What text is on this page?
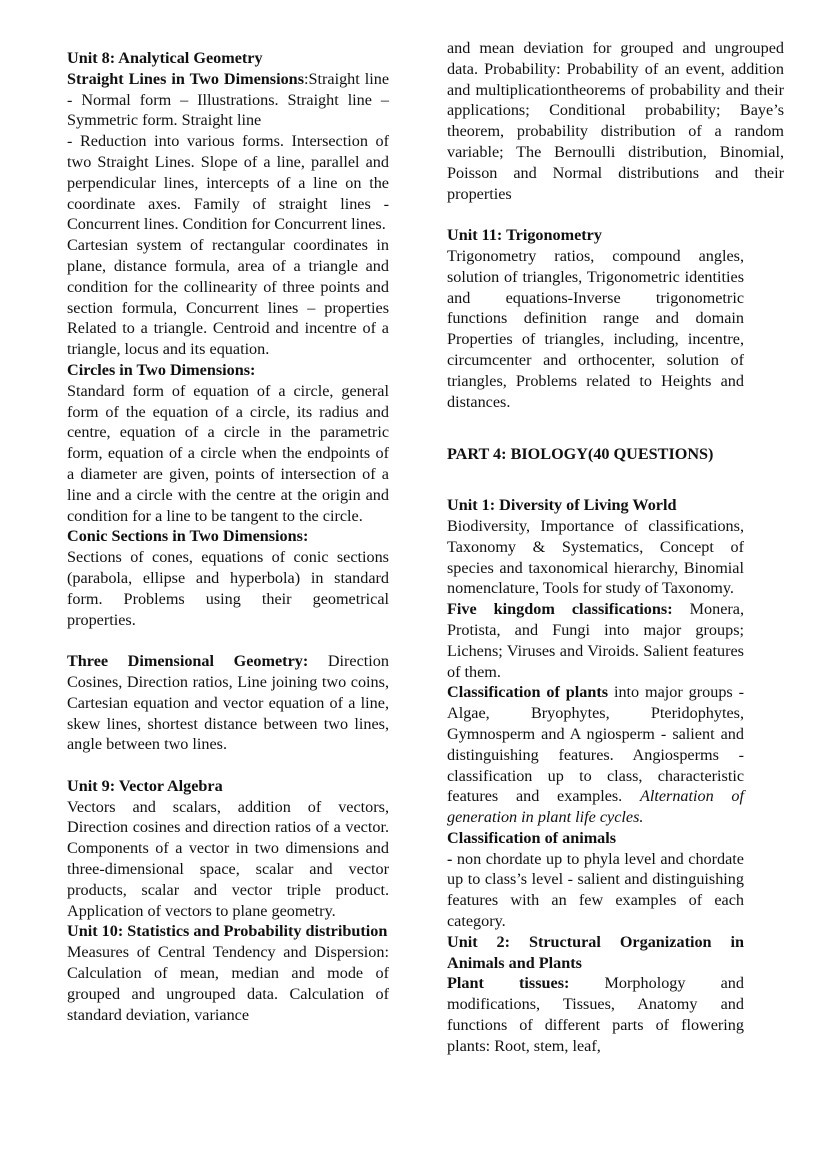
Unit 8: Analytical Geometry

Straight Lines in Two Dimensions:Straight line - Normal form – Illustrations. Straight line – Symmetric form. Straight line

- Reduction into various forms. Intersection of two Straight Lines. Slope of a line, parallel and perpendicular lines, intercepts of a line on the coordinate axes. Family of straight lines - Concurrent lines. Condition for Concurrent lines.

Cartesian system of rectangular coordinates in plane, distance formula, area of a triangle and condition for the collinearity of three points and section formula, Concurrent lines – properties Related to a triangle. Centroid and incentre of a triangle, locus and its equation.

Circles in Two Dimensions:

Standard form of equation of a circle, general form of the equation of a circle, its radius and centre, equation of a circle in the parametric form, equation of a circle when the endpoints of a diameter are given, points of intersection of a line and a circle with the centre at the origin and condition for a line to be tangent to the circle.

Conic Sections in Two Dimensions:

Sections of cones, equations of conic sections (parabola, ellipse and hyperbola) in standard form. Problems using their geometrical properties.

Three Dimensional Geometry: Direction Cosines, Direction ratios, Line joining two coins, Cartesian equation and vector equation of a line, skew lines, shortest distance between two lines, angle between two lines.

Unit 9: Vector Algebra

Vectors and scalars, addition of vectors, Direction cosines and direction ratios of a vector. Components of a vector in two dimensions and three-dimensional space, scalar and vector products, scalar and vector triple product. Application of vectors to plane geometry.

Unit 10: Statistics and Probability distribution

Measures of Central Tendency and Dispersion: Calculation of mean, median and mode of grouped and ungrouped data. Calculation of standard deviation, variance

and mean deviation for grouped and ungrouped data. Probability: Probability of an event, addition and multiplicationtheorems of probability and their applications; Conditional probability; Baye’s theorem, probability distribution of a random variable; The Bernoulli distribution, Binomial, Poisson and Normal distributions and their properties

Unit 11: Trigonometry

Trigonometry ratios, compound angles, solution of triangles, Trigonometric identities and equations-Inverse trigonometric functions definition range and domain Properties of triangles, including, incentre, circumcenter and orthocenter, solution of triangles, Problems related to Heights and distances.

PART 4: BIOLOGY(40 QUESTIONS)
Unit 1: Diversity of Living World

Biodiversity, Importance of classifications, Taxonomy & Systematics, Concept of species and taxonomical hierarchy, Binomial nomenclature, Tools for study of Taxonomy.

Five kingdom classifications: Monera, Protista, and Fungi into major groups; Lichens; Viruses and Viroids. Salient features of them.

Classification of plants into major groups - Algae, Bryophytes, Pteridophytes, Gymnosperm and A ngiosperm - salient and distinguishing features. Angiosperms - classification up to class, characteristic features and examples. Alternation of generation in plant life cycles.

Classification of animals

- non chordate up to phyla level and chordate up to class’s level - salient and distinguishing features with an few examples of each category.

Unit 2: Structural Organization in Animals and Plants

Plant tissues: Morphology and modifications, Tissues, Anatomy and functions of different parts of flowering plants: Root, stem, leaf,
